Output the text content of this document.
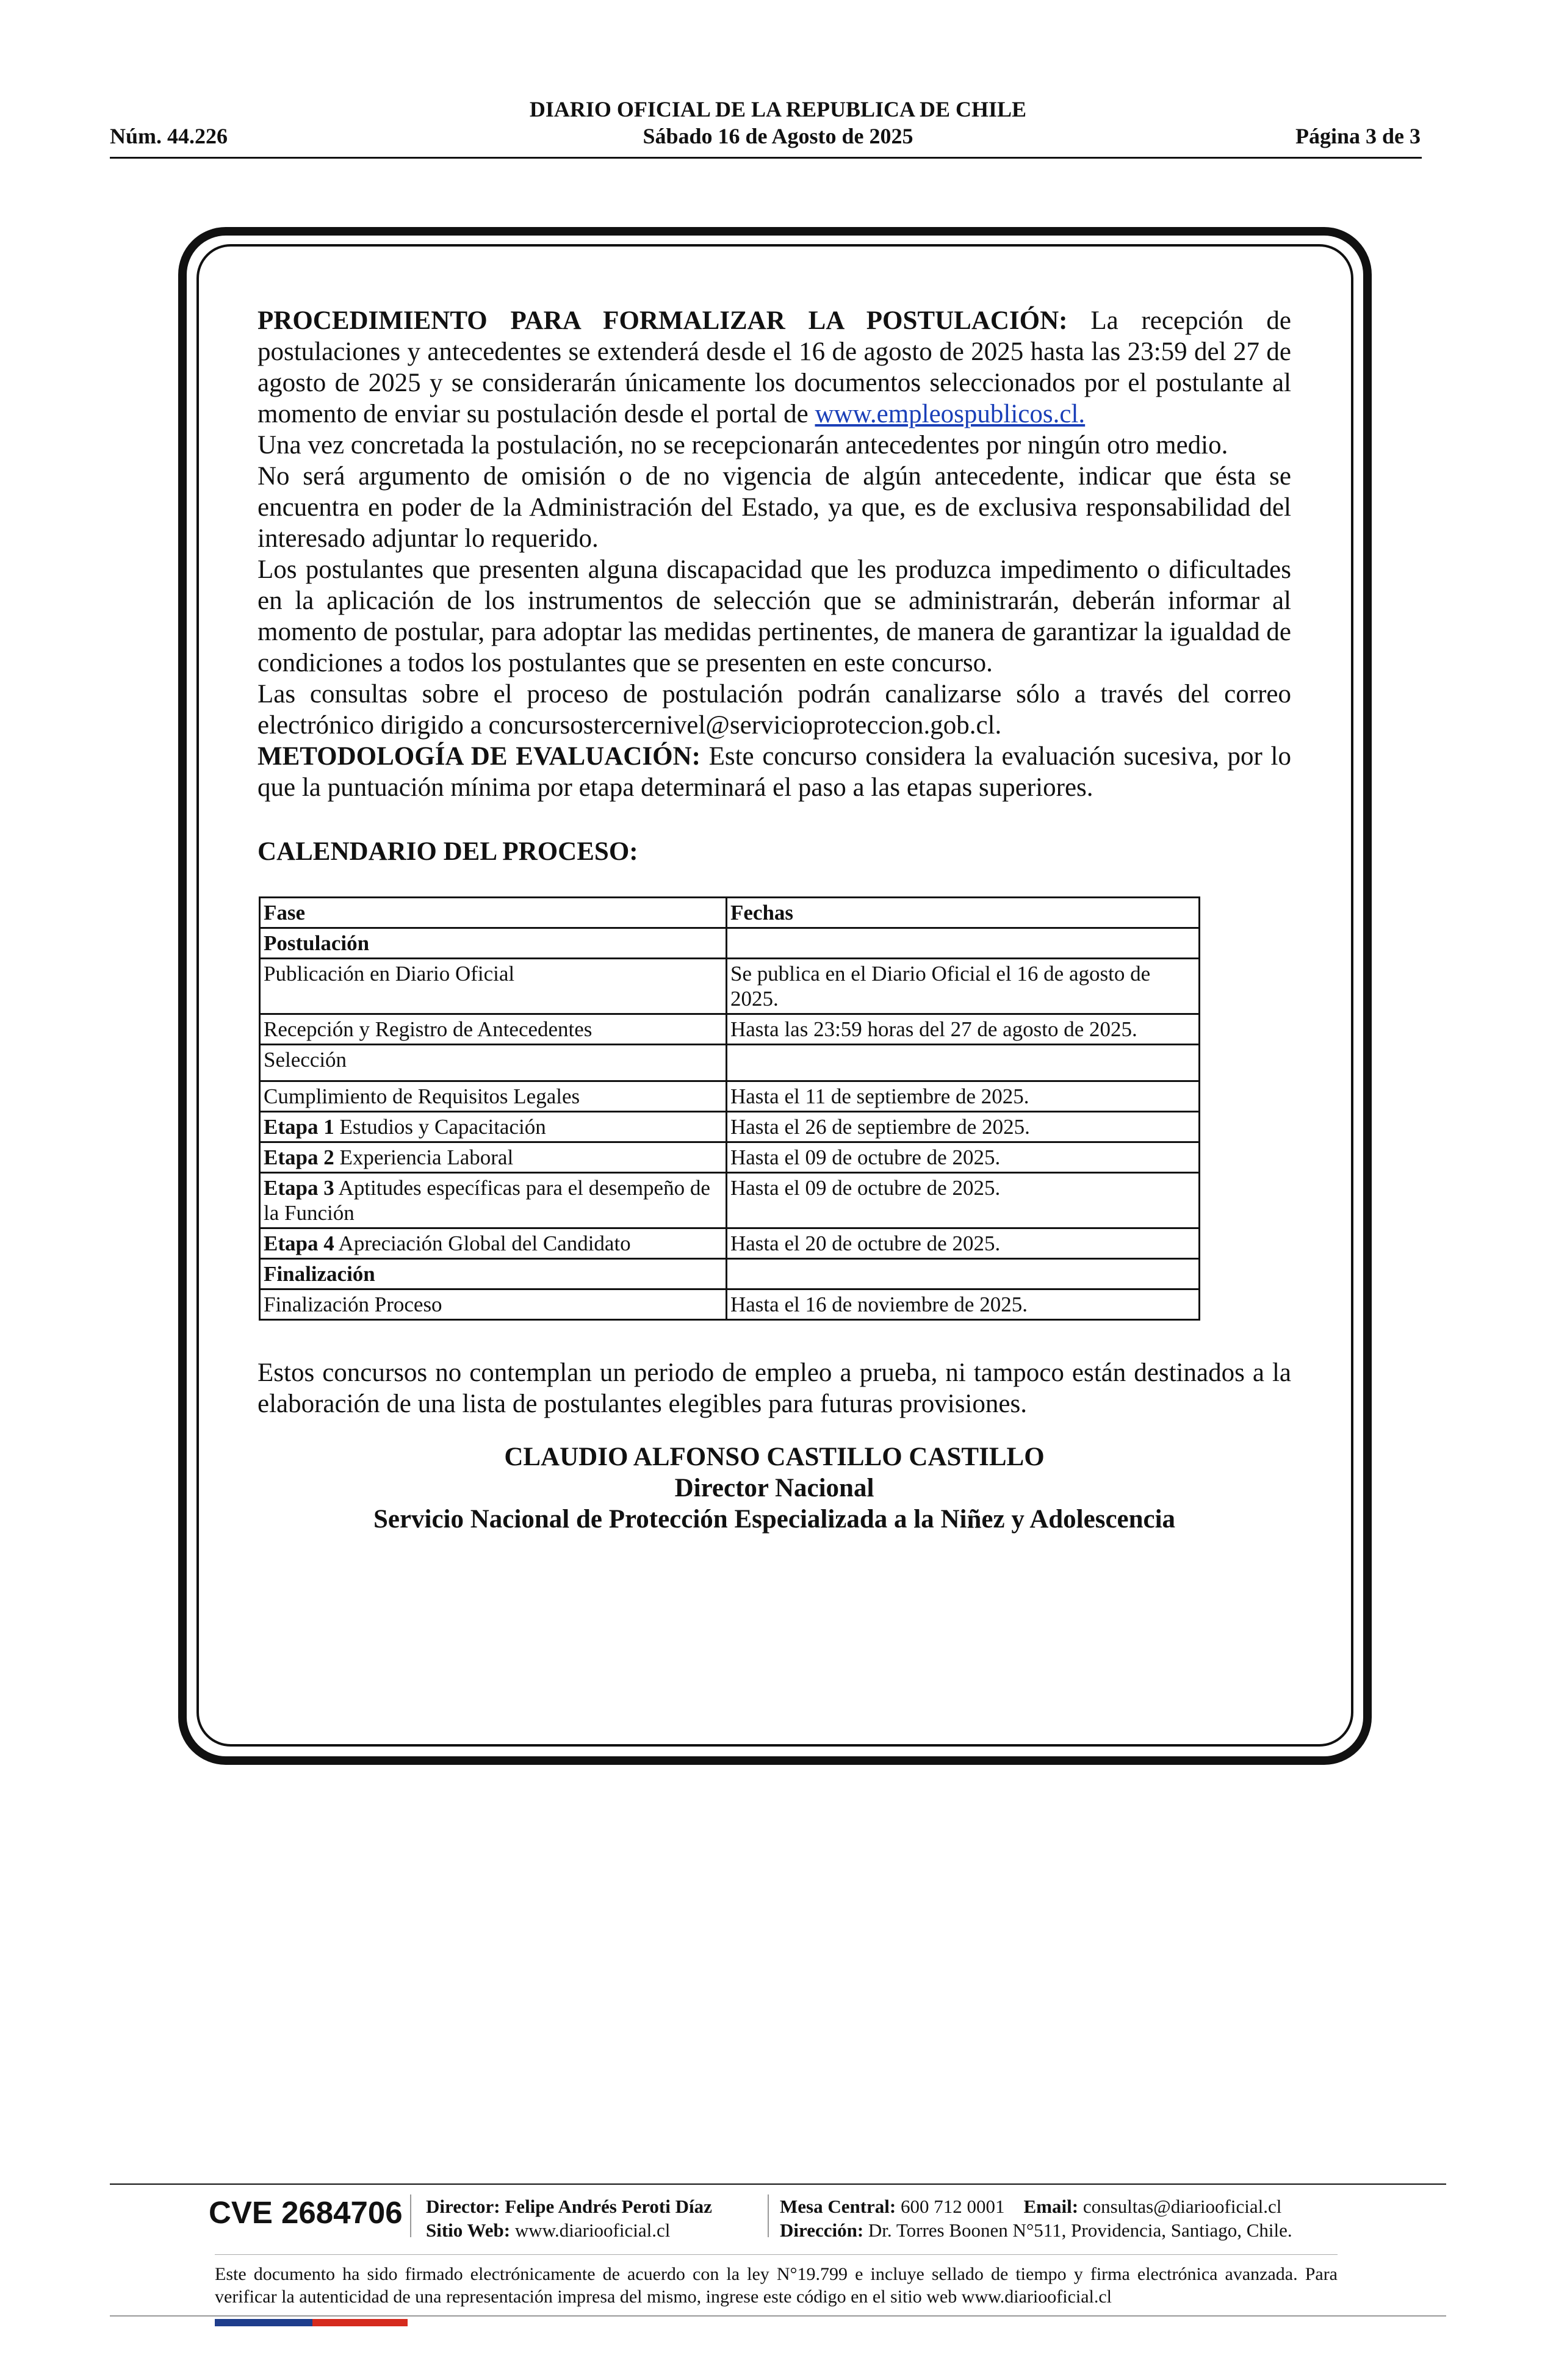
DIARIO OFICIAL DE LA REPUBLICA DE CHILE
Núm. 44.226	Sábado 16 de Agosto de 2025	Página 3 de 3

PROCEDIMIENTO PARA FORMALIZAR LA POSTULACIÓN: La recepción de postulaciones y antecedentes se extenderá desde el 16 de agosto de 2025 hasta las 23:59 del 27 de agosto de 2025 y se considerarán únicamente los documentos seleccionados por el postulante al momento de enviar su postulación desde el portal de www.empleospublicos.cl.

Una vez concretada la postulación, no se recepcionarán antecedentes por ningún otro medio.

No será argumento de omisión o de no vigencia de algún antecedente, indicar que ésta se encuentra en poder de la Administración del Estado, ya que, es de exclusiva responsabilidad del interesado adjuntar lo requerido.

Los postulantes que presenten alguna discapacidad que les produzca impedimento o dificultades en la aplicación de los instrumentos de selección que se administrarán, deberán informar al momento de postular, para adoptar las medidas pertinentes, de manera de garantizar la igualdad de condiciones a todos los postulantes que se presenten en este concurso.

Las consultas sobre el proceso de postulación podrán canalizarse sólo a través del correo electrónico dirigido a concursostercernivel@servicioproteccion.gob.cl.

METODOLOGÍA DE EVALUACIÓN: Este concurso considera la evaluación sucesiva, por lo que la puntuación mínima por etapa determinará el paso a las etapas superiores.

CALENDARIO DEL PROCESO:
Fase	Fechas
Postulación	
Publicación en Diario Oficial	Se publica en el Diario Oficial el 16 de agosto de 2025.
Recepción y Registro de Antecedentes	Hasta las 23:59 horas del 27 de agosto de 2025.
Selección	
Cumplimiento de Requisitos Legales	Hasta el 11 de septiembre de 2025.
Etapa 1 Estudios y Capacitación	Hasta el 26 de septiembre de 2025.
Etapa 2 Experiencia Laboral	Hasta el 09 de octubre de 2025.
Etapa 3 Aptitudes específicas para el desempeño de la Función	Hasta el 09 de octubre de 2025.
Etapa 4 Apreciación Global del Candidato	Hasta el 20 de octubre de 2025.
Finalización	
Finalización Proceso	Hasta el 16 de noviembre de 2025.

Estos concursos no contemplan un periodo de empleo a prueba, ni tampoco están destinados a la elaboración de una lista de postulantes elegibles para futuras provisiones.

CLAUDIO ALFONSO CASTILLO CASTILLO
Director Nacional
Servicio Nacional de Protección Especializada a la Niñez y Adolescencia
CVE 2684706 Director: Felipe Andrés Peroti Díaz
Sitio Web: www.diariooficial.cl
Mesa Central: 600 712 0001 Email: consultas@diariooficial.cl
Dirección: Dr. Torres Boonen N°511, Providencia, Santiago, Chile.
Este documento ha sido firmado electrónicamente de acuerdo con la ley N°19.799 e incluye sellado de tiempo y firma electrónica avanzada. Para verificar la autenticidad de una representación impresa del mismo, ingrese este código en el sitio web www.diariooficial.cl
